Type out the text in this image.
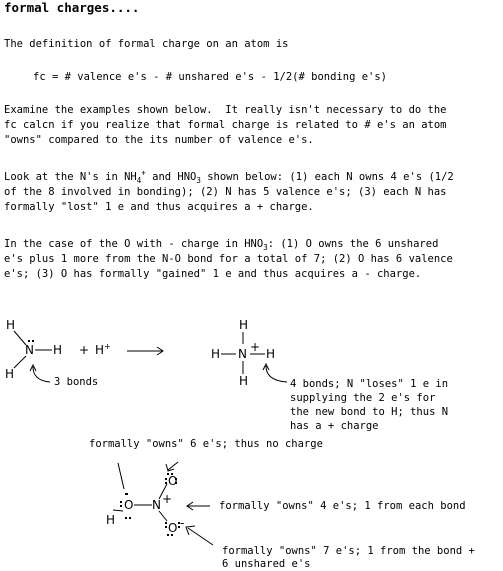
formal charges....
The definition of formal charge on an atom is
fc = # valence e's - # unshared e's - 1/2(# bonding e's)
Examine the examples shown below.  It really isn't necessary to do the
fc calcn if you realize that formal charge is related to # e's an atom
"owns" compared to the its number of valence e's.
Look at the N's in $NH_4^+$ and $HNO_3$ shown below: (1) each N owns 4 e's (1/2
of the 8 involved in bonding); (2) N has 5 valence e's; (3) each N has
formally "lost" 1 e and thus acquires a + charge.
In the case of the O with - charge in $HNO_3$: (1) O owns the 6 unshared
e's plus 1 more from the N-O bond for a total of 7; (2) O has 6 valence
e's; (3) O has formally "gained" 1 e and thus acquires a - charge.
H
N H
H
+ H+
H
H N + H
H
3 bonds	4 bonds; N "loses" 1 e in
supplying the 2 e's for
the new bond to H; thus N
has a + charge
formally "owns" 6 e's; thus no charge
formally "owns" 4 e's; 1 from each bond
formally "owns" 7 e's; 1 from the bond +
6 unshared e's
H
O N +
O
O -
